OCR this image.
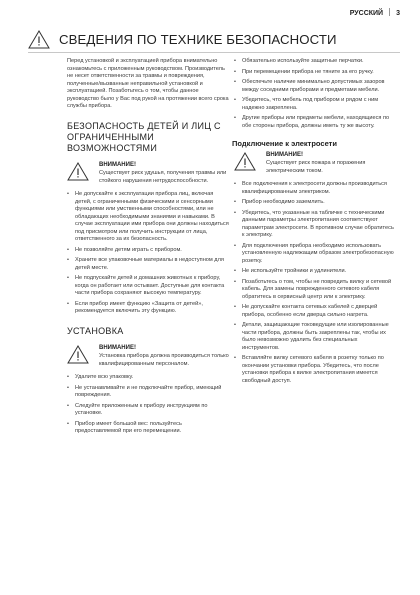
РУССКИЙ 3
СВЕДЕНИЯ ПО ТЕХНИКЕ БЕЗОПАСНОСТИ

Перед установкой и эксплуатацией прибора внимательно ознакомьтесь с приложенным руководством. Производитель не несет ответственности за травмы и повреждения, полученные/вызванные неправильной установкой и эксплуатацией. Позаботьтесь о том, чтобы данное руководство было у Вас под рукой на протяжении всего срока службы прибора.

БЕЗОПАСНОСТЬ ДЕТЕЙ И ЛИЦ С ОГРАНИЧЕННЫМИ ВОЗМОЖНОСТЯМИ
ВНИМАНИЕ!
Существует риск удушья, получения травмы или стойкого нарушения нетрудоспособности.
• Не допускайте к эксплуатации прибора лиц, включая детей, с ограниченными физическими и сенсорными функциями или умственными способностями, или не обладающих необходимыми знаниями и навыками. В случае эксплуатации ими прибора они должны находиться под присмотром или получить инструкции от лица, ответственного за их безопасность.
• Не позволяйте детям играть с прибором.
• Храните все упаковочные материалы в недоступном для детей месте.
• Не подпускайте детей и домашних животных к прибору, когда он работает или остывает. Доступные для контакта части прибора сохраняют высокую температуру.
• Если прибор имеет функцию «Защита от детей», рекомендуется включить эту функцию.
УСТАНОВКА
ВНИМАНИЕ!
Установка прибора должна производиться только квалифицированным персоналом.
• Удалите всю упаковку.
• Не устанавливайте и не подключайте прибор, имеющий повреждения.
• Следуйте приложенным к прибору инструкциям по установке.
• Прибор имеет большой вес: пользуйтесь предоставляемой при его перемещении.
• Обязательно используйте защитные перчатки.
• При перемещении прибора не тяните за его ручку.
• Обеспечьте наличие минимально допустимых зазоров между соседними приборами и предметами мебели.
• Убедитесь, что мебель под прибором и рядом с ним надежно закреплена.
• Другие приборы или предметы мебели, находящиеся по обе стороны прибора, должны иметь ту же высоту.
Подключение к электросети
ВНИМАНИЕ!
Существует риск пожара и поражения электрическим током.
• Все подключения к электросети должны производиться квалифицированным электриком.
• Прибор необходимо заземлить.
• Убедитесь, что указанные на табличке с техническими данными параметры электропитания соответствуют параметрам электросети. В противном случае обратитесь к электрику.
• Для подключения прибора необходимо использовать установленную надлежащим образом электробезопасную розетку.
• Не используйте тройники и удлинители.
• Позаботьтесь о том, чтобы не повредить вилку и сетевой кабель. Для замены поврежденного сетевого кабеля обратитесь в сервисный центр или к электрику.
• Не допускайте контакта сетевых кабелей с дверцей прибора, особенно если дверца сильно нагрета.
• Детали, защищающие токоведущие или изолированные части прибора, должны быть закреплены так, чтобы их было невозможно удалить без специальных инструментов.
• Вставляйте вилку сетевого кабеля в розетку только по окончании установки прибора. Убедитесь, что после установки прибора к вилке электропитания имеется свободный доступ.
